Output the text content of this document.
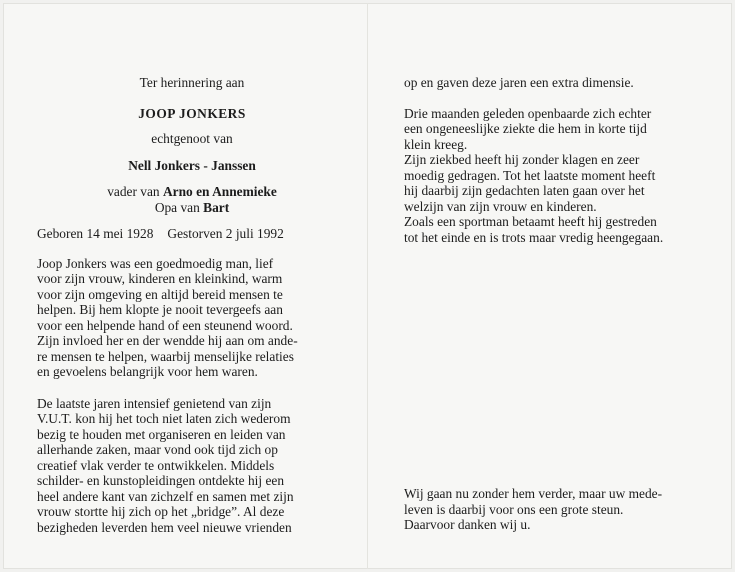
Ter herinnering aan
JOOP JONKERS
echtgenoot van
Nell Jonkers - Janssen
vader van Arno en Annemieke
Opa van Bart
Geboren 14 mei 1928 Gestorven 2 juli 1992
Joop Jonkers was een goedmoedig man, lief
voor zijn vrouw, kinderen en kleinkind, warm
voor zijn omgeving en altijd bereid mensen te
helpen. Bij hem klopte je nooit tevergeefs aan
voor een helpende hand of een steunend woord.
Zijn invloed her en der wendde hij aan om ande-
re mensen te helpen, waarbij menselijke relaties
en gevoelens belangrijk voor hem waren.
De laatste jaren intensief genietend van zijn
V.U.T. kon hij het toch niet laten zich wederom
bezig te houden met organiseren en leiden van
allerhande zaken, maar vond ook tijd zich op
creatief vlak verder te ontwikkelen. Middels
schilder- en kunstopleidingen ontdekte hij een
heel andere kant van zichzelf en samen met zijn
vrouw stortte hij zich op het „bridge”. Al deze
bezigheden leverden hem veel nieuwe vrienden
op en gaven deze jaren een extra dimensie.
Drie maanden geleden openbaarde zich echter
een ongeneeslijke ziekte die hem in korte tijd
klein kreeg.
Zijn ziekbed heeft hij zonder klagen en zeer
moedig gedragen. Tot het laatste moment heeft
hij daarbij zijn gedachten laten gaan over het
welzijn van zijn vrouw en kinderen.
Zoals een sportman betaamt heeft hij gestreden
tot het einde en is trots maar vredig heengegaan.
Wij gaan nu zonder hem verder, maar uw mede-
leven is daarbij voor ons een grote steun.
Daarvoor danken wij u.
